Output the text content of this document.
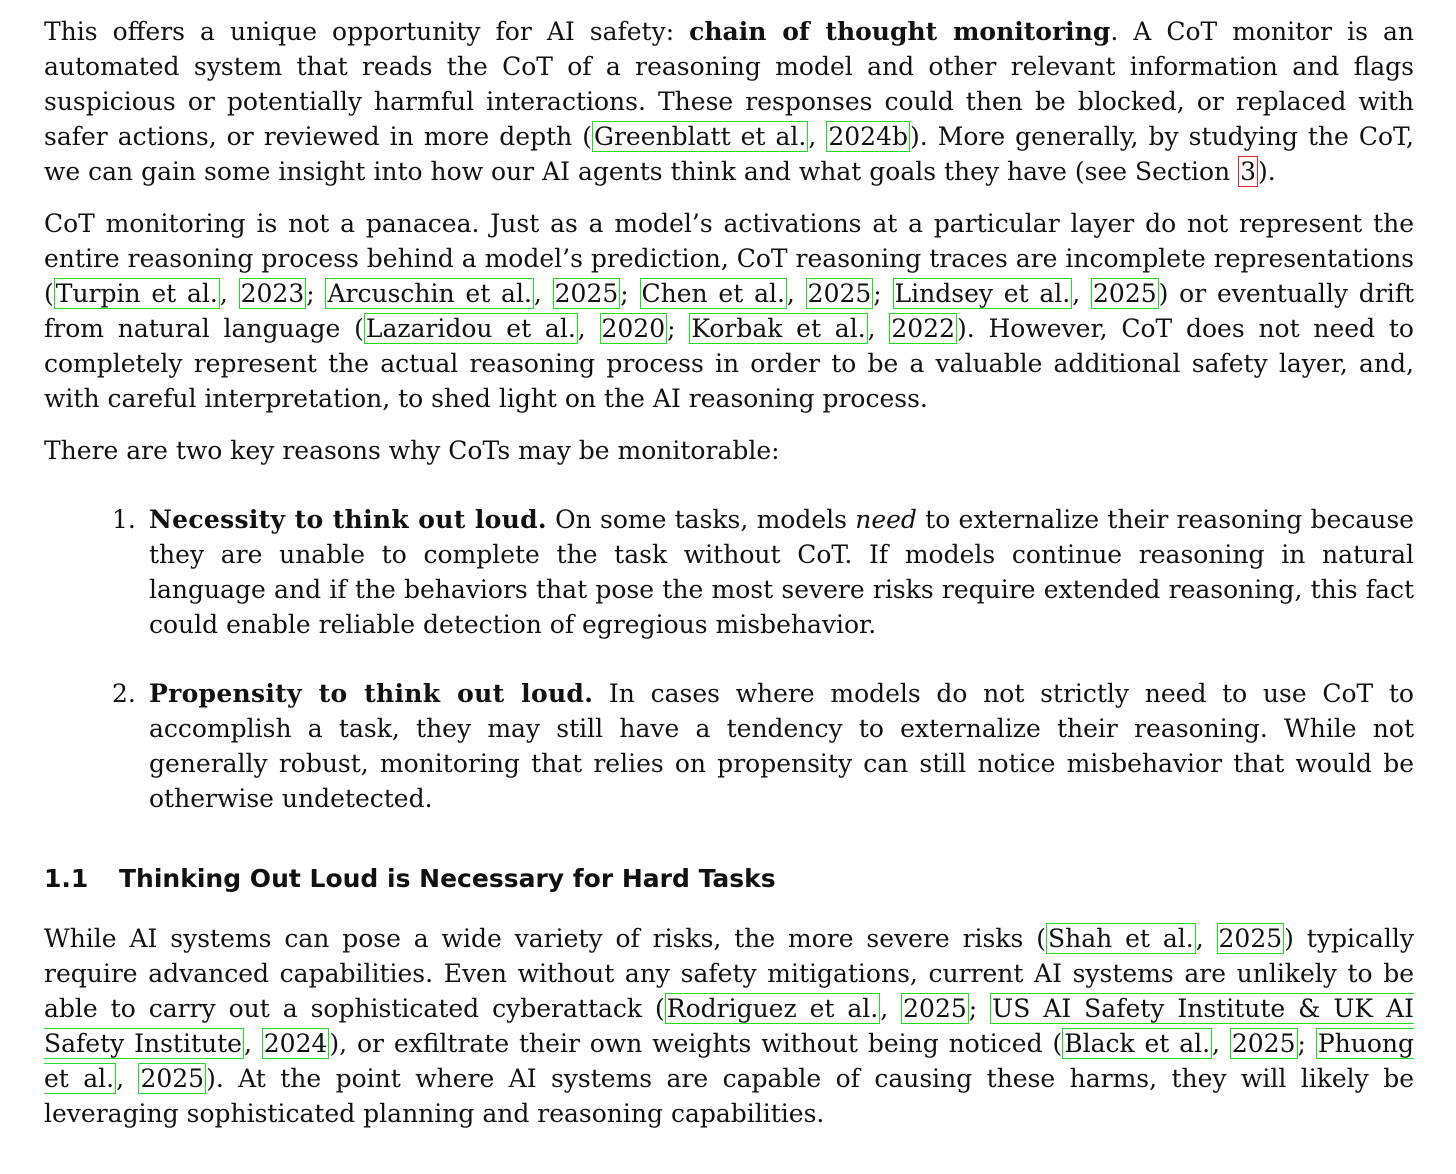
This offers a unique opportunity for AI safety: chain of thought monitoring. A CoT monitor is an automated system that reads the CoT of a reasoning model and other relevant information and flags suspicious or potentially harmful interactions. These responses could then be blocked, or replaced with safer actions, or reviewed in more depth (Greenblatt et al., 2024b). More generally, by studying the CoT, we can gain some insight into how our AI agents think and what goals they have (see Section 3).

CoT monitoring is not a panacea. Just as a model’s activations at a particular layer do not represent the entire reasoning process behind a model’s prediction, CoT reasoning traces are incomplete representations (Turpin et al., 2023; Arcuschin et al., 2025; Chen et al., 2025; Lindsey et al., 2025) or eventually drift from natural language (Lazaridou et al., 2020; Korbak et al., 2022). However, CoT does not need to completely represent the actual reasoning process in order to be a valuable additional safety layer, and, with careful interpretation, to shed light on the AI reasoning process.

There are two key reasons why CoTs may be monitorable:

1. Necessity to think out loud. On some tasks, models need to externalize their reasoning because they are unable to complete the task without CoT. If models continue reasoning in natural language and if the behaviors that pose the most severe risks require extended reasoning, this fact could enable reliable detection of egregious misbehavior.
2. Propensity to think out loud. In cases where models do not strictly need to use CoT to accomplish a task, they may still have a tendency to externalize their reasoning. While not generally robust, monitoring that relies on propensity can still notice misbehavior that would be otherwise undetected.
1.1 Thinking Out Loud is Necessary for Hard Tasks

While AI systems can pose a wide variety of risks, the more severe risks (Shah et al., 2025) typically require advanced capabilities. Even without any safety mitigations, current AI systems are unlikely to be able to carry out a sophisticated cyberattack (Rodriguez et al., 2025; US AI Safety Institute & UK AI Safety Institute, 2024), or exfiltrate their own weights without being noticed (Black et al., 2025; Phuong et al., 2025). At the point where AI systems are capable of causing these harms, they will likely be leveraging sophisticated planning and reasoning capabilities.
